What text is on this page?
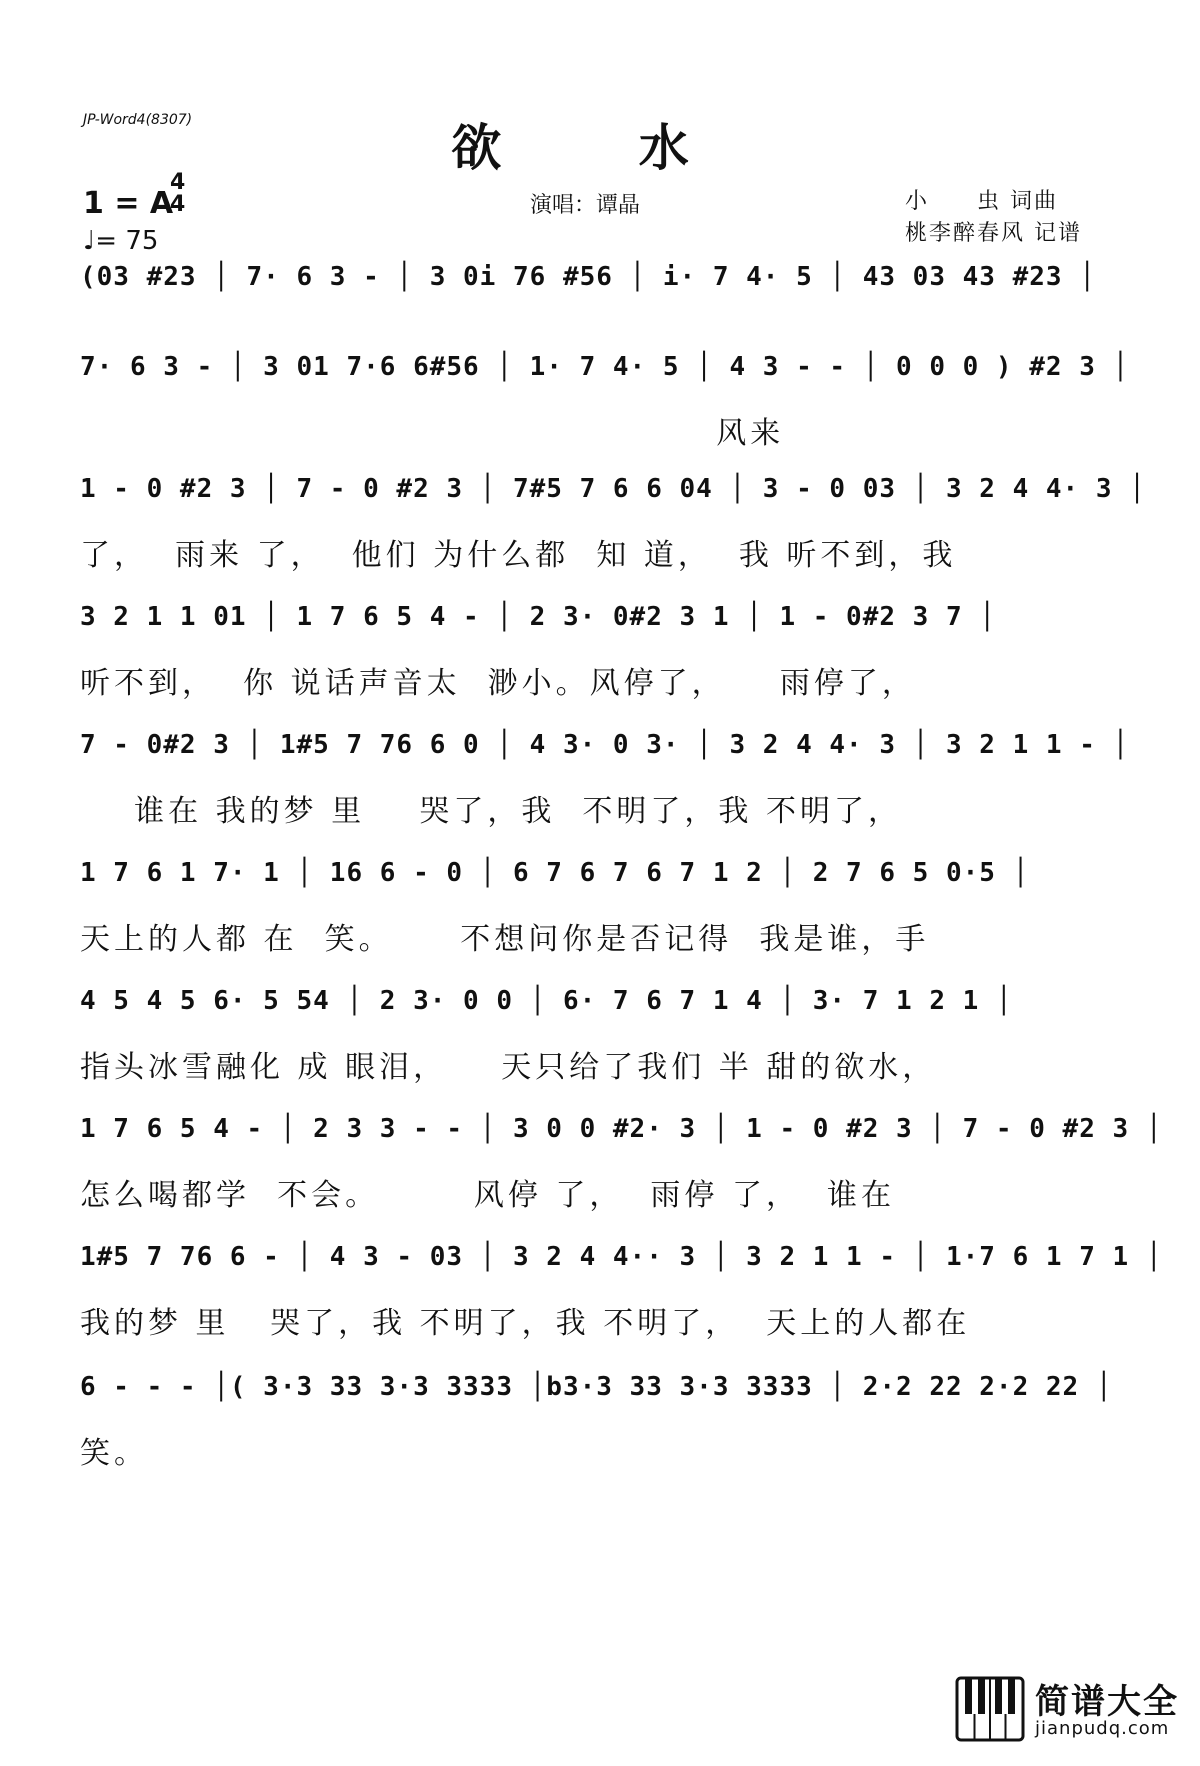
JP-Word4(8307)	欲 水
1 = A
4
4
♩= 75
演唱：谭晶	小　　虫 词曲
桃李醉春风 记谱
(03 #23 │ 7· 6 3 - │ 3 0i 76 #56 │ i· 7 4· 5 │ 43 03 43 #23 │
7· 6 3 - │ 3 01 7·6 6#56 │ 1· 7 4· 5 │ 4 3 - - │ 0 0 0 ) #2 3 │
风来
1 - 0 #2 3 │ 7 - 0 #2 3 │ 7#5 7 6 6 04 │ 3 - 0 03 │ 3 2 4 4· 3 │
了，  雨来 了，  他们 为什么都  知 道，  我 听不到，我
3 2 1 1 01 │ 1 7 6 5 4 - │ 2 3· 0#2 3 1 │ 1 - 0#2 3 7 │
听不到，  你 说话声音太  渺小。风停了，    雨停了，
7 - 0#2 3 │ 1#5 7 76 6 0 │ 4 3· 0 3· │ 3 2 4 4· 3 │ 3 2 1 1 - │
谁在 我的梦 里    哭了，我  不明了，我 不明了，
1 7 6 1 7· 1 │ 16 6 - 0 │ 6 7 6 7 6 7 1 2 │ 2 7 6 5 0·5 │
天上的人都 在  笑。     不想问你是否记得  我是谁，手
4 5 4 5 6· 5 54 │ 2 3· 0 0 │ 6· 7 6 7 1 4 │ 3· 7 1 2 1 │
指头冰雪融化 成 眼泪，    天只给了我们 半 甜的欲水，
1 7 6 5 4 - │ 2 3 3 - - │ 3 0 0 #2· 3 │ 1 - 0 #2 3 │ 7 - 0 #2 3 │
怎么喝都学  不会。       风停 了，  雨停 了，  谁在
1#5 7 76 6 - │ 4 3 - 03 │ 3 2 4 4·· 3 │ 3 2 1 1 - │ 1·7 6 1 7 1 │
我的梦 里   哭了，我 不明了，我 不明了，  天上的人都在
6 - - - │( 3·3 33 3·3 3333 │b3·3 33 3·3 3333 │ 2·2 22 2·2 22 │
笑。
简谱大全
jianpudq.com
